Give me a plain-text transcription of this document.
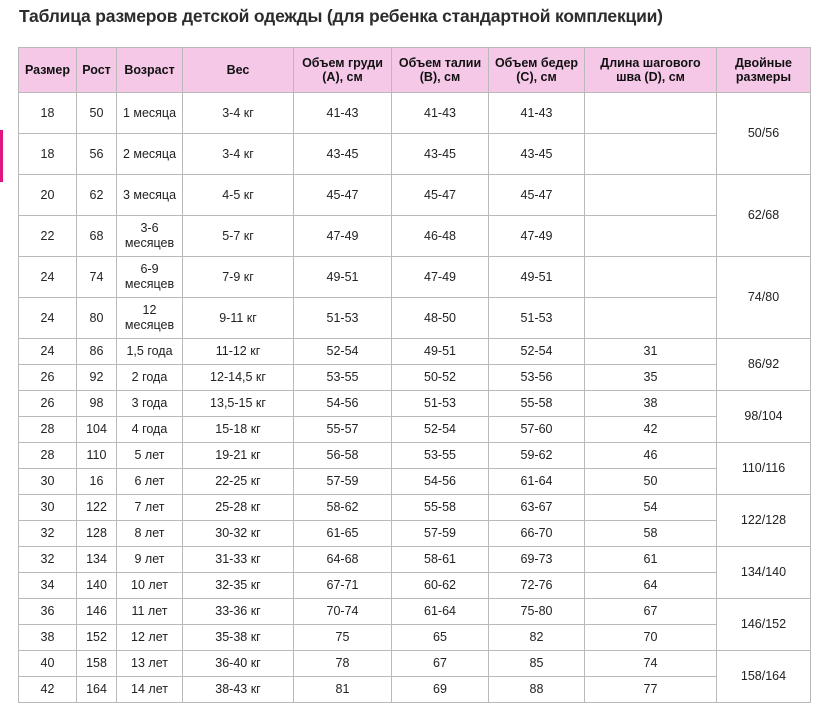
Таблица размеров детской одежды (для ребенка стандартной комплекции)
Размер	Рост	Возраст	Вес	Объем груди (A), см	Объем талии (B), см	Объем бедер (C), см	Длина шагового шва (D), см	Двойные размеры
18	50	1 месяца	3-4 кг	41-43	41-43	41-43		50/56
18	56	2 месяца	3-4 кг	43-45	43-45	43-45		
20	62	3 месяца	4-5 кг	45-47	45-47	45-47		62/68
22	68	3-6 месяцев	5-7 кг	47-49	46-48	47-49		
24	74	6-9 месяцев	7-9 кг	49-51	47-49	49-51		74/80
24	80	12 месяцев	9-11 кг	51-53	48-50	51-53		
24	86	1,5 года	11-12 кг	52-54	49-51	52-54	31	86/92
26	92	2 года	12-14,5 кг	53-55	50-52	53-56	35	
26	98	3 года	13,5-15 кг	54-56	51-53	55-58	38	98/104
28	104	4 года	15-18 кг	55-57	52-54	57-60	42	
28	110	5 лет	19-21 кг	56-58	53-55	59-62	46	110/116
30	16	6 лет	22-25 кг	57-59	54-56	61-64	50	
30	122	7 лет	25-28 кг	58-62	55-58	63-67	54	122/128
32	128	8 лет	30-32 кг	61-65	57-59	66-70	58	
32	134	9 лет	31-33 кг	64-68	58-61	69-73	61	134/140
34	140	10 лет	32-35 кг	67-71	60-62	72-76	64	
36	146	11 лет	33-36 кг	70-74	61-64	75-80	67	146/152
38	152	12 лет	35-38 кг	75	65	82	70	
40	158	13 лет	36-40 кг	78	67	85	74	158/164
42	164	14 лет	38-43 кг	81	69	88	77	
